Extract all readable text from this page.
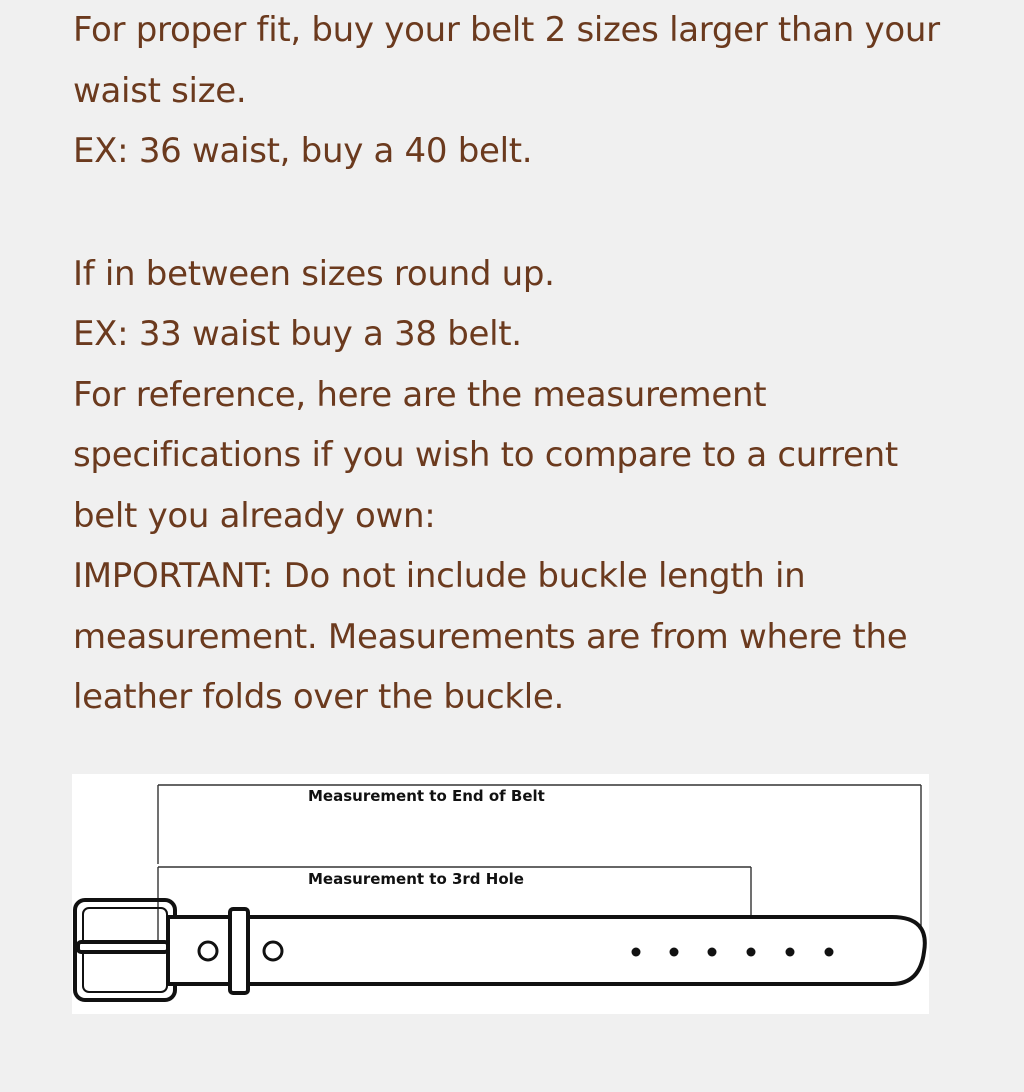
For proper fit, buy your belt 2 sizes larger than your
waist size.
EX: 36 waist, buy a 40 belt.
If in between sizes round up.
EX: 33 waist buy a 38 belt.
For reference, here are the measurement
specifications if you wish to compare to a current
belt you already own:
IMPORTANT: Do not include buckle length in
measurement. Measurements are from where the
leather folds over the buckle.
Measurement to End of Belt
Measurement to 3rd Hole
